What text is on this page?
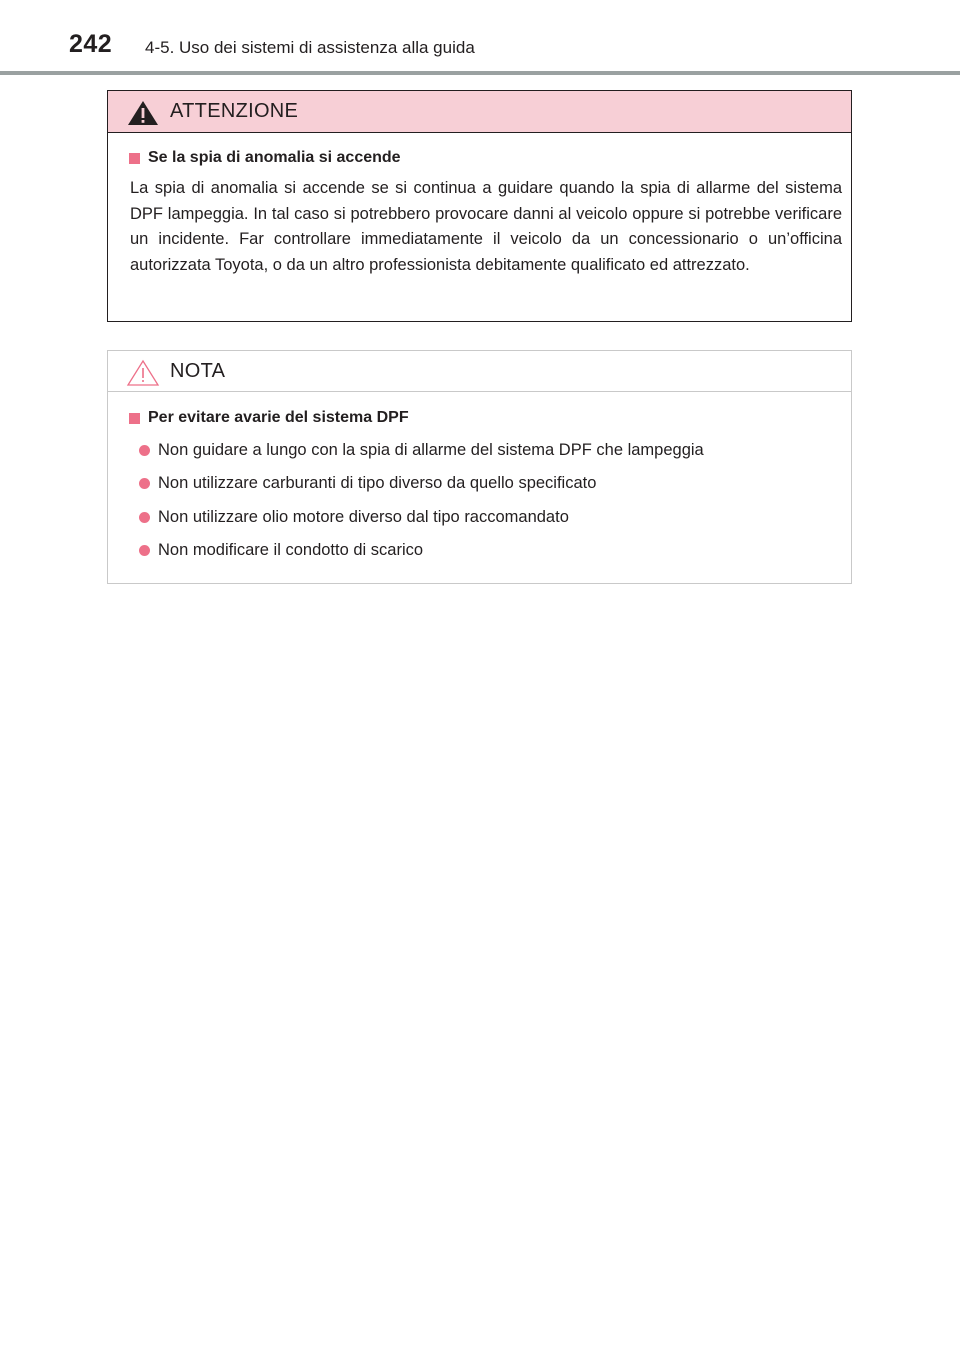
242 4-5. Uso dei sistemi di assistenza alla guida
ATTENZIONE
Se la spia di anomalia si accende
La spia di anomalia si accende se si continua a guidare quando la spia di allarme del sistema DPF lampeggia. In tal caso si potrebbero provocare danni al veicolo oppure si potrebbe verificare un incidente. Far controllare immediatamente il veicolo da un concessionario o un’officina autorizzata Toyota, o da un altro professionista debitamente qualificato ed attrezzato.
NOTA
Per evitare avarie del sistema DPF
Non guidare a lungo con la spia di allarme del sistema DPF che lampeggia
Non utilizzare carburanti di tipo diverso da quello specificato
Non utilizzare olio motore diverso dal tipo raccomandato
Non modificare il condotto di scarico
